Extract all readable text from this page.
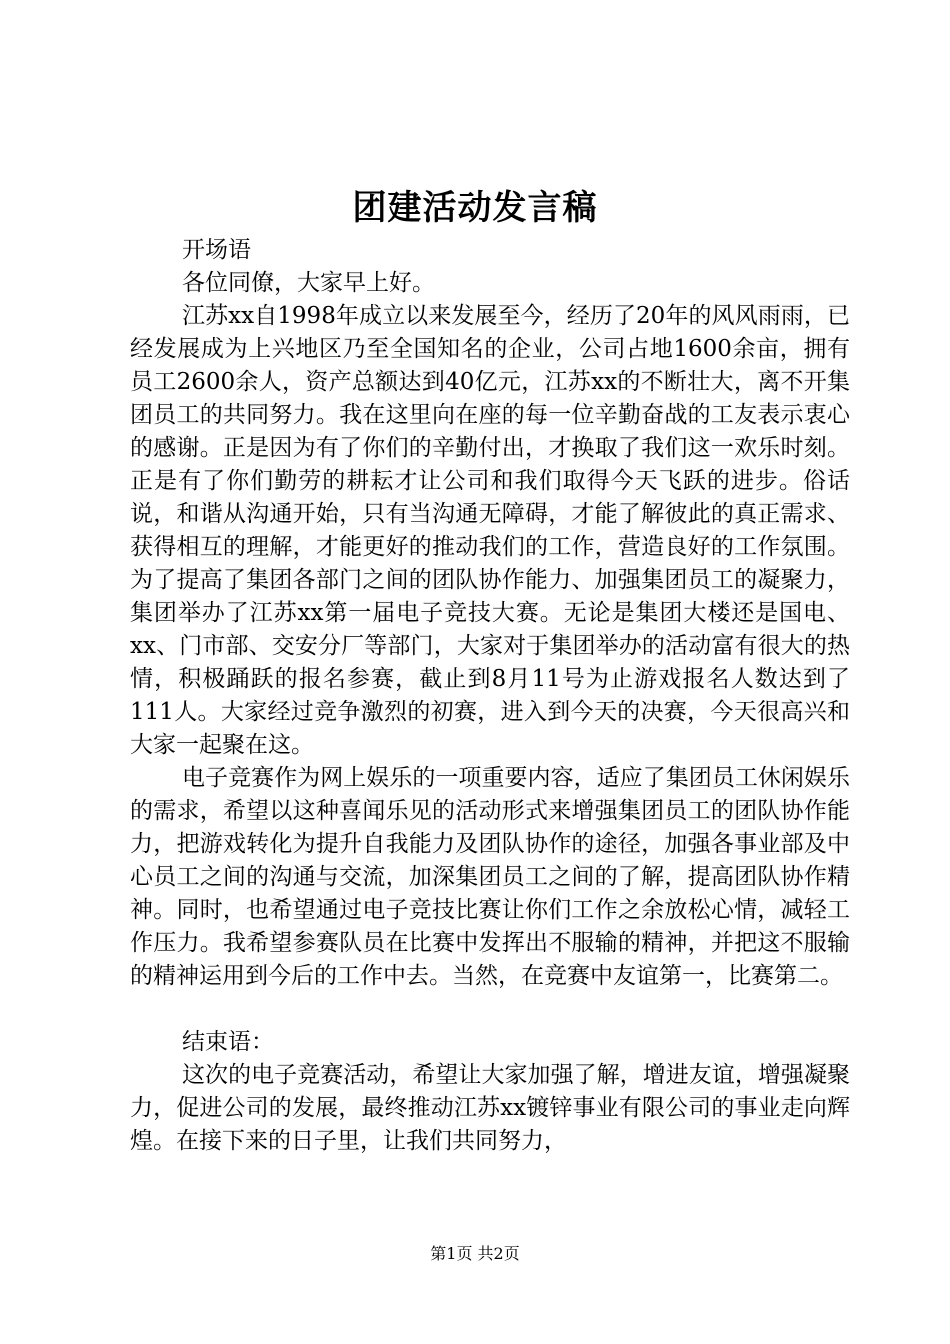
团建活动发言稿

开场语

各位同僚，大家早上好。

江苏xx自1998年成立以来发展至今，经历了20年的风风雨雨，已经发展成为上兴地区乃至全国知名的企业，公司占地1600余亩，拥有员工2600余人，资产总额达到40亿元，江苏xx的不断壮大，离不开集团员工的共同努力。我在这里向在座的每一位辛勤奋战的工友表示衷心的感谢。正是因为有了你们的辛勤付出，才换取了我们这一欢乐时刻。正是有了你们勤劳的耕耘才让公司和我们取得今天飞跃的进步。俗话说，和谐从沟通开始，只有当沟通无障碍，才能了解彼此的真正需求、获得相互的理解，才能更好的推动我们的工作，营造良好的工作氛围。为了提高了集团各部门之间的团队协作能力、加强集团员工的凝聚力，集团举办了江苏xx第一届电子竞技大赛。无论是集团大楼还是国电、xx、门市部、交安分厂等部门，大家对于集团举办的活动富有很大的热情，积极踊跃的报名参赛，截止到8月11号为止游戏报名人数达到了111人。大家经过竞争激烈的初赛，进入到今天的决赛，今天很高兴和大家一起聚在这。

电子竞赛作为网上娱乐的一项重要内容，适应了集团员工休闲娱乐的需求，希望以这种喜闻乐见的活动形式来增强集团员工的团队协作能力，把游戏转化为提升自我能力及团队协作的途径，加强各事业部及中心员工之间的沟通与交流，加深集团员工之间的了解，提高团队协作精神。同时，也希望通过电子竞技比赛让你们工作之余放松心情，减轻工作压力。我希望参赛队员在比赛中发挥出不服输的精神，并把这不服输的精神运用到今后的工作中去。当然，在竞赛中友谊第一，比赛第二。

结束语：

这次的电子竞赛活动，希望让大家加强了解，增进友谊，增强凝聚力，促进公司的发展，最终推动江苏xx镀锌事业有限公司的事业走向辉煌。在接下来的日子里，让我们共同努力，

第1页 共2页
